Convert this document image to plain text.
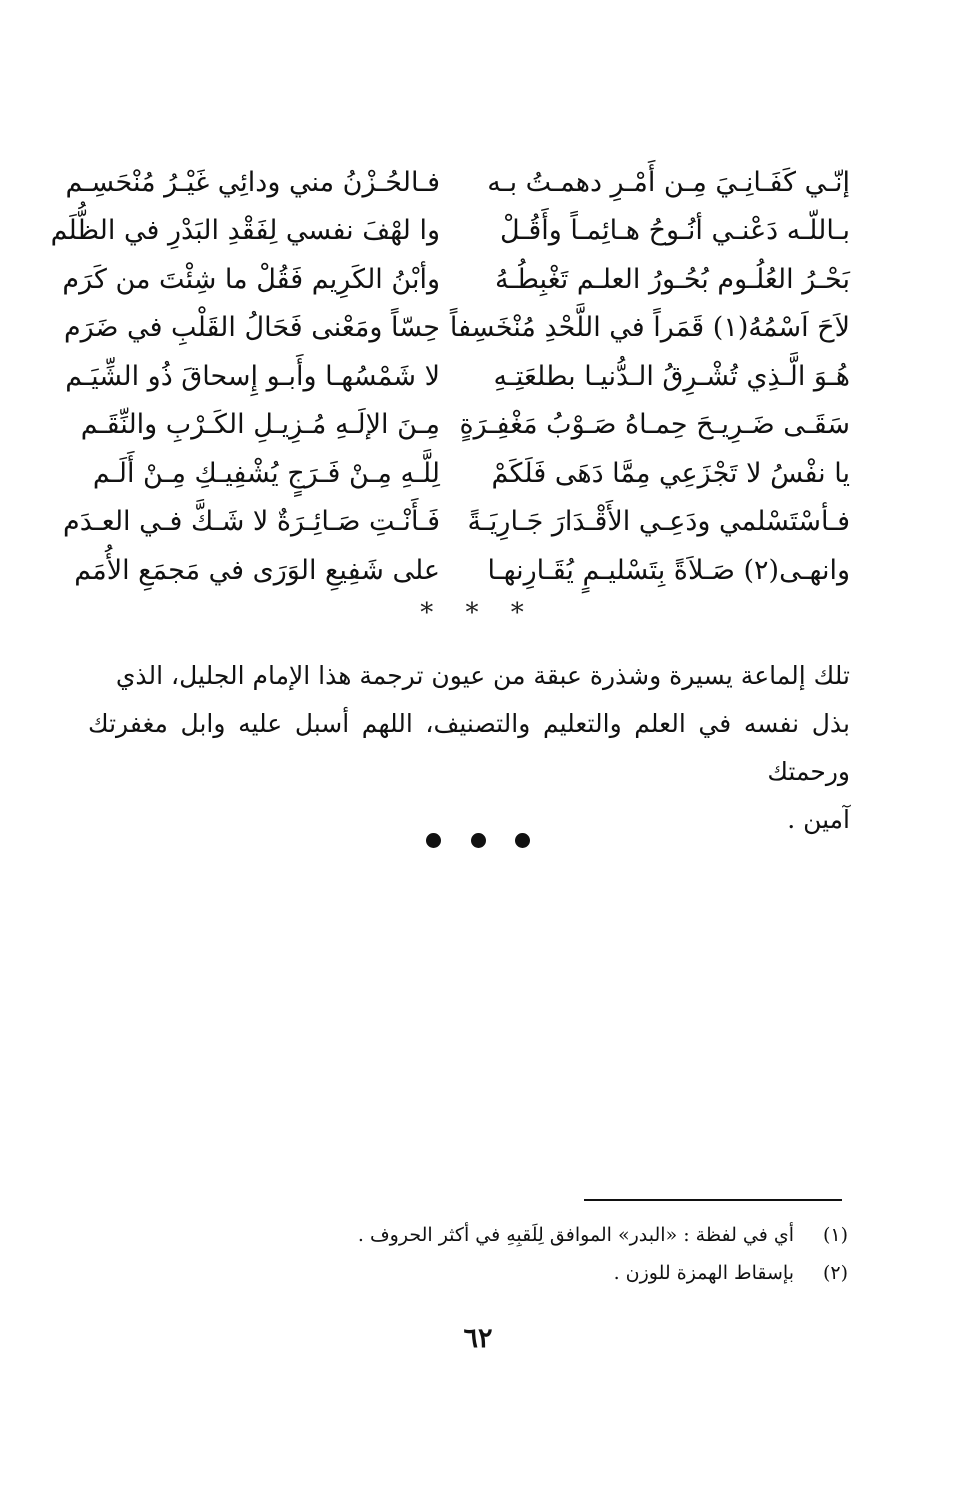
إنّـي كَفَـانِـيَ مِـن أَمْـرِ دهمـتُ بـه
فـالحُـزْنُ مني ودائِي غَيْـرُ مُنْحَسِـم
بـاللّـه دَعْنـي أنُـوحُ هـائِمـاً وأَقُـلْ
وا لهْفَ نفسي لِفَقْدِ البَدْرِ في الظُّلَم
بَحْـرُ العُلُـوم بُحُـورُ العلـم تَغْبِطُـهُ
وأبْنُ الكَرِيم فَقُلْ ما شِئْتَ من كَرَم
لاَحَ اَسْمُهُ(١) قَمَراً في اللَّحْدِ مُنْخَسِفاً
حِسّاً ومَعْنى فَحَالُ القَلْبِ في ضَرَم
هُـوَ الَّـذِي تُشْـرِقُ الـدُّنيـا بطلعَتِـهِ
لا شَمْسُهـا وأَبـو إِسحاقَ ذُو الشِّيَـم
سَقَـى ضَـرِيـحَ حِمـاهُ صَـوْبُ مَغْفِـرَةٍ
مِـنَ الإلَـهِ مُـزِيـلِ الكَـرْبِ والنِّقَـم
يا نفْسُ لا تَجْزَعِي مِمَّا دَهَى فَلَكَمْ
لِلَّـهِ مِـنْ فَـرَجٍ يُشْفِيـكِ مِـنْ أَلَـم
فـأسْتَسْلمي ودَعِـي الأَقْـدَارَ جَـارِيَـةً
فَـأَنْـتِ صَـائِـرَةٌ لا شَـكَّ فـي العـدَم
وانهـى(٢) صَـلاَةً بِتَسْليـمٍ يُقَـارِنهـا
على شَفِيعِ الوَرَى في مَجمَعِ الأُمَم
* * *
تلك إلماعة يسيرة وشذرة عبقة من عيون ترجمة هذا الإمام الجليل، الذي
بذل نفسه في العلم والتعليم والتصنيف، اللهم أسبل عليه وابل مغفرتك ورحمتك
آمين .

(١)
أي في لفظة : «البدر» الموافق لِلَقبِهِ في أكثر الحروف .
(٢)
بإسقاط الهمزة للوزن .
٦٢
